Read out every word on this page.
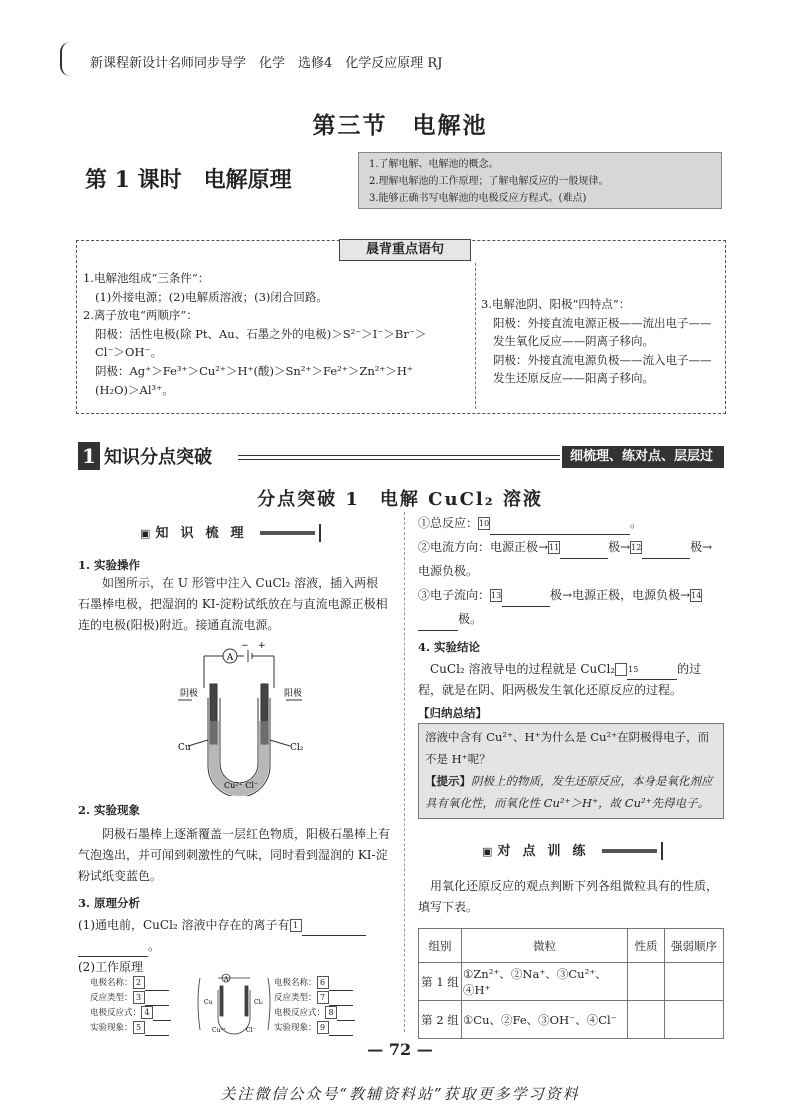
新课程新设计名师同步导学　化学　选修4　化学反应原理 RJ
第三节　电解池
第 1 课时　电解原理
1.了解电解、电解池的概念。
2.理解电解池的工作原理；了解电解反应的一般规律。
3.能够正确书写电解池的电极反应方程式。(难点)
晨背重点语句
1.电解池组成“三条件”：
(1)外接电源；(2)电解质溶液；(3)闭合回路。
2.离子放电“两顺序”：
阳极：活性电极(除 Pt、Au、石墨之外的电极)＞S²⁻＞I⁻＞Br⁻＞
Cl⁻＞OH⁻。
阴极：Ag⁺＞Fe³⁺＞Cu²⁺＞H⁺(酸)＞Sn²⁺＞Fe²⁺＞Zn²⁺＞H⁺
(H₂O)＞Al³⁺。
3.电解池阴、阳极“四特点”：
阳极：外接直流电源正极——流出电子——
发生氧化反应——阴离子移向。
阴极：外接直流电源负极——流入电子——
发生还原反应——阳离子移向。
1 知识分点突破	细梳理、练对点、层层过关
分点突破 1　电解 CuCl₂ 溶液
▣ 知识梳理

1. 实验操作

如图所示，在 U 形管中注入 CuCl₂ 溶液，插入两根石墨棒电极，把湿润的 KI-淀粉试纸放在与直流电源正极相连的电极(阳极)附近。接通直流电源。

A
− +
阴极	阳极
Cu	Cl₂
Cu²⁺ Cl⁻

2. 实验现象

阴极石墨棒上逐渐覆盖一层红色物质，阳极石墨棒上有气泡逸出，并可闻到刺激性的气味，同时看到湿润的 KI-淀粉试纸变蓝色。

3. 原理分析

(1)通电前，CuCl₂ 溶液中存在的离子有 1

。

(2)工作原理

电极名称： 2
反应类型： 3
电极反应式： 4
实验现象： 5
A
Cu	Cl₂
Cu²⁺	Cl⁻
电极名称： 6
反应类型： 7
电极反应式： 8
实验现象： 9

①总反应：10	。

②电流方向：电源正极→11	极→12	极→电源负极。

③电子流向：13	极→电源正极，电源负极→14极。

4. 实验结论

CuCl₂ 溶液导电的过程就是 CuCl₂ 15	的过程，就是在阴、阳两极发生氧化还原反应的过程。

【归纳总结】

溶液中含有 Cu²⁺、H⁺为什么是 Cu²⁺在阴极得电子，而不是 H⁺呢？
【提示】阴极上的物质，发生还原反应，本身是氧化剂应具有氧化性，而氧化性 Cu²⁺＞H⁺，故 Cu²⁺先得电子。
▣ 对点训练

用氧化还原反应的观点判断下列各组微粒具有的性质，填写下表。

组别	微粒	性质	强弱顺序
第 1 组	①Zn²⁺、②Na⁺、③Cu²⁺、④H⁺		
第 2 组	①Cu、②Fe、③OH⁻、④Cl⁻		
— 72 —
关注微信公众号“教辅资料站”获取更多学习资料
